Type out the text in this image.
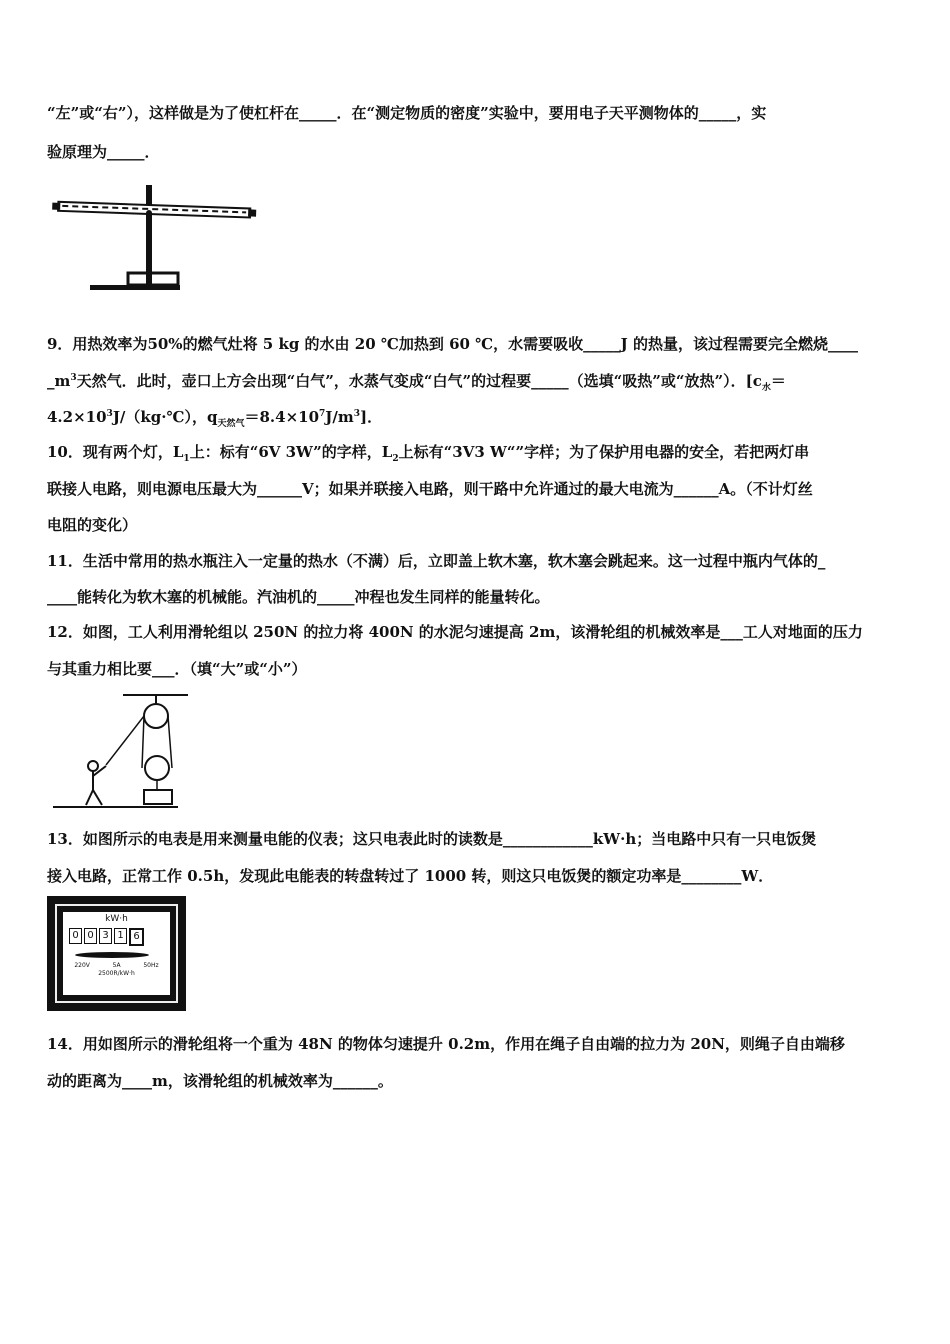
“左”或“右”），这样做是为了使杠杆在_____．在“测定物质的密度”实验中，要用电子天平测物体的_____，实
验原理为_____．
9．用热效率为50%的燃气灶将 5 kg 的水由 20 ℃加热到 60 ℃，水需要吸收_____J 的热量，该过程需要完全燃烧____
$\_m^3$天然气．此时，壶口上方会出现“白气”，水蒸气变成“白气”的过程要_____（选填“吸热”或“放热”）．[$c_水=$
$4.2\times 10^3J/(kg\cdot℃)$，$q_{天然气}=8.4\times 10^7J/m^3$]．
10．现有两个灯，$L_1$上：标有“6V 3W”的字样，$L_2$上标有“3V3 W“”字样；为了保护用电器的安全，若把两灯串
联接人电路，则电源电压最大为______V；如果并联接入电路，则干路中允许通过的最大电流为______A。（不计灯丝
电阻的变化）
11．生活中常用的热水瓶注入一定量的热水（不满）后，立即盖上软木塞，软木塞会跳起来。这一过程中瓶内气体的_
____能转化为软木塞的机械能。汽油机的_____冲程也发生同样的能量转化。
12．如图，工人利用滑轮组以 250N 的拉力将 400N 的水泥匀速提高 2m，该滑轮组的机械效率是___工人对地面的压力
与其重力相比要___．（填“大”或“小”）
13．如图所示的电表是用来测量电能的仪表；这只电表此时的读数是____________kW·h；当电路中只有一只电饭煲
接入电路，正常工作 0.5h，发现此电能表的转盘转过了 1000 转，则这只电饭煲的额定功率是________W．
kW·h
0 0 3 1 6
220V	5A	50Hz
2500R/kW·h
14．用如图所示的滑轮组将一个重为 48N 的物体匀速提升 0.2m，作用在绳子自由端的拉力为 20N，则绳子自由端移
动的距离为____m，该滑轮组的机械效率为______。
